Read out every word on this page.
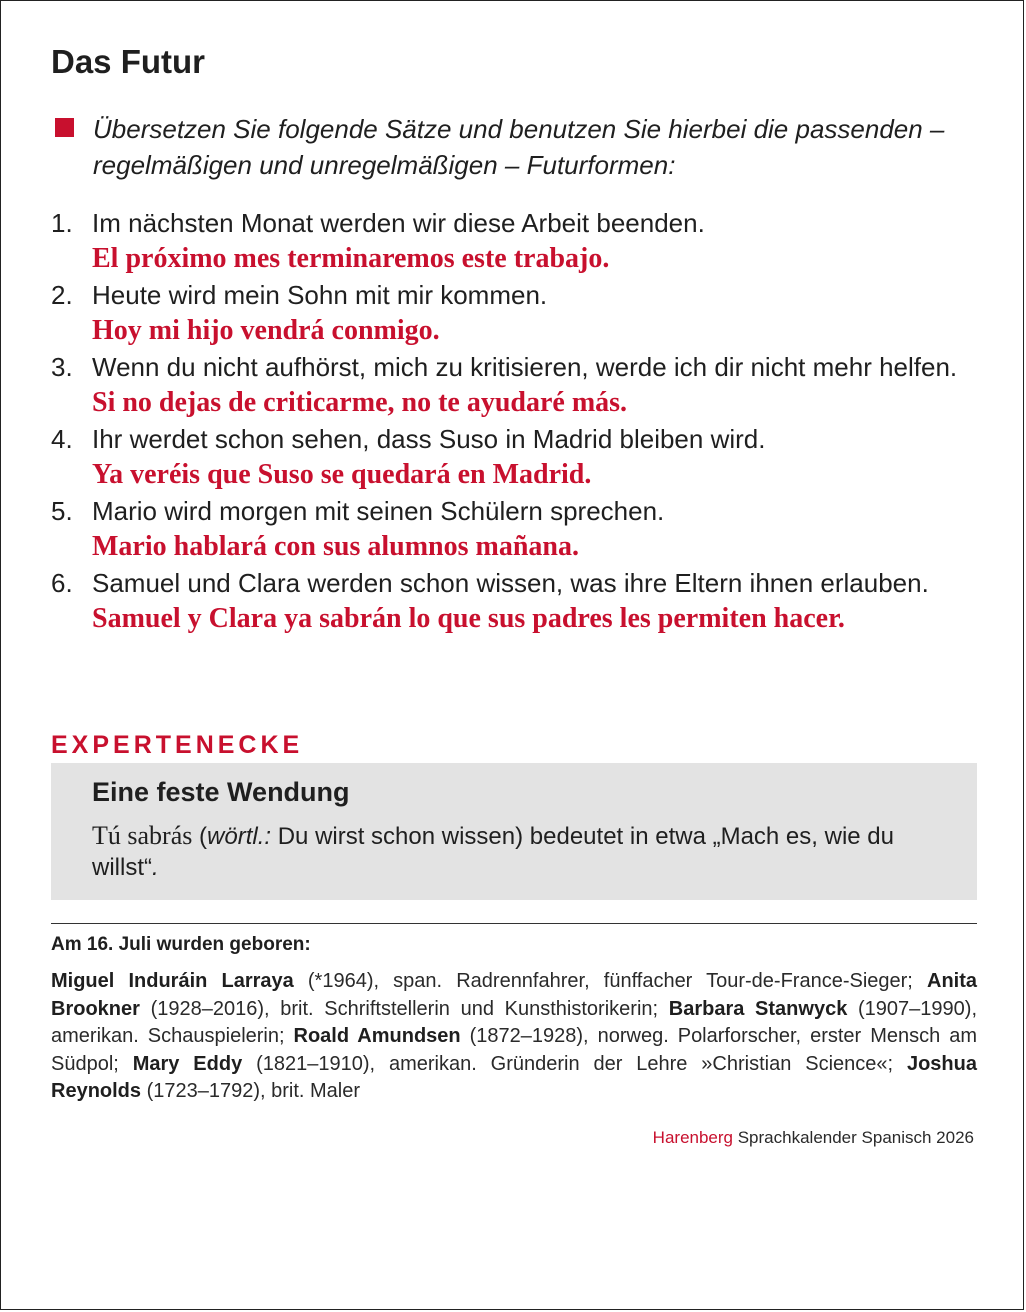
Das Futur
Übersetzen Sie folgende Sätze und benutzen Sie hierbei die passenden – regelmäßigen und unregelmäßigen – Futurformen:
1. Im nächsten Monat werden wir diese Arbeit beenden.
El próximo mes terminaremos este trabajo.
2. Heute wird mein Sohn mit mir kommen.
Hoy mi hijo vendrá conmigo.
3. Wenn du nicht aufhörst, mich zu kritisieren, werde ich dir nicht mehr helfen.
Si no dejas de criticarme, no te ayudaré más.
4. Ihr werdet schon sehen, dass Suso in Madrid bleiben wird.
Ya veréis que Suso se quedará en Madrid.
5. Mario wird morgen mit seinen Schülern sprechen.
Mario hablará con sus alumnos mañana.
6. Samuel und Clara werden schon wissen, was ihre Eltern ihnen erlauben.
Samuel y Clara ya sabrán lo que sus padres les permiten hacer.
EXPERTENECKE
Eine feste Wendung
Tú sabrás (wörtl.: Du wirst schon wissen) bedeutet in etwa „Mach es, wie du willst“.
Am 16. Juli wurden geboren:
Miguel Induráin Larraya (*1964), span. Radrennfahrer, fünffacher Tour-de-France-Sieger; Anita Brookner (1928–2016), brit. Schriftstellerin und Kunsthistorikerin; Barbara Stanwyck (1907–1990), amerikan. Schauspielerin; Roald Amundsen (1872–1928), norweg. Polarforscher, erster Mensch am Südpol; Mary Eddy (1821–1910), amerikan. Gründerin der Lehre »Christian Science«; Joshua Reynolds (1723–1792), brit. Maler
Harenberg Sprachkalender Spanisch 2026
